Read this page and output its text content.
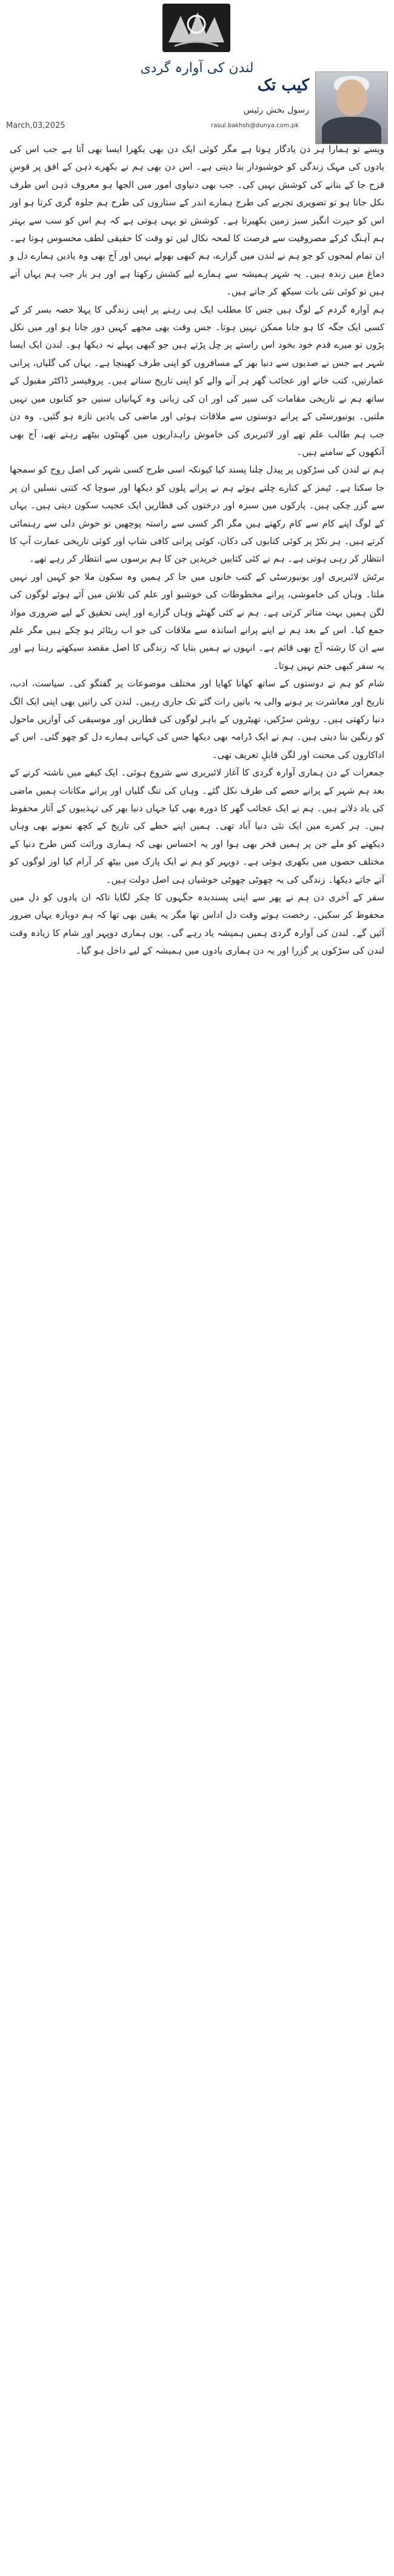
لندن کی آوارہ گردی
کیب تک
رسول بخش رئیس
rasul.bakhsh@dunya.com.pk
March,03,2025

ویسے تو ہمارا ہر دن یادگار ہوتا ہے مگر کوئی ایک دن بھی بکھرا ایسا بھی آتا ہے جب اس کی یادوں کی مہک زندگی کو خوشبودار بنا دیتی ہے۔ اس دن بھی ہم نے بکھرے ذہن کے افق پر قوسِ قزح جا کے بنانے کی کوشش نہیں کی۔ جب بھی دنیاوی امور میں الجھا ہو معروف ذہن اس طرف نکل جاتا ہو تو تصویری تجربے کی طرح ہمارے اندر کے ستاروں کی طرح ہم جلوہ گری کرتا ہو اور اس کو حیرت انگیز سبز زمین بکھیرتا ہے۔ کوشش تو یہی ہوتی ہے کہ ہم اس کو سب سے بہتر ہم آہنگ کرکے مصروفیت سے فرصت کا لمحہ نکال لیں تو وقت کا حقیقی لطف محسوس ہوتا ہے۔ ان تمام لمحوں کو جو ہم نے لندن میں گزارے، ہم کبھی بھولے نہیں اور آج بھی وہ یادیں ہمارے دل و دماغ میں زندہ ہیں۔ یہ شہر ہمیشہ سے ہمارے لیے کشش رکھتا ہے اور ہر بار جب ہم یہاں آتے ہیں تو کوئی نئی بات سیکھ کر جاتے ہیں۔

ہم آوارہ گردم کے لوگ ہیں جس کا مطلب ایک ہی رہنے پر اپنی زندگی کا پہلا حصہ بسر کر کے کسی ایک جگہ کا ہو جانا ممکن نہیں ہوتا۔ جس وقت بھی مجھے کہیں دور جانا ہو اور میں نکل پڑوں تو میرے قدم خود بخود اس راستے پر چل پڑتے ہیں جو کبھی پہلے نہ دیکھا ہو۔ لندن ایک ایسا شہر ہے جس نے صدیوں سے دنیا بھر کے مسافروں کو اپنی طرف کھینچا ہے۔ یہاں کی گلیاں، پرانی عمارتیں، کتب خانے اور عجائب گھر ہر آنے والے کو اپنی تاریخ سناتے ہیں۔ پروفیسر ڈاکٹر مقبول کے ساتھ ہم نے تاریخی مقامات کی سیر کی اور ان کی زبانی وہ کہانیاں سنیں جو کتابوں میں نہیں ملتیں۔ یونیورسٹی کے پرانے دوستوں سے ملاقات ہوئی اور ماضی کی یادیں تازہ ہو گئیں۔ وہ دن جب ہم طالب علم تھے اور لائبریری کی خاموش راہداریوں میں گھنٹوں بیٹھے رہتے تھے، آج بھی آنکھوں کے سامنے ہیں۔

ہم نے لندن کی سڑکوں پر پیدل چلنا پسند کیا کیونکہ اسی طرح کسی شہر کی اصل روح کو سمجھا جا سکتا ہے۔ ٹیمز کے کنارے چلتے ہوئے ہم نے پرانے پلوں کو دیکھا اور سوچا کہ کتنی نسلیں ان پر سے گزر چکی ہیں۔ پارکوں میں سبزہ اور درختوں کی قطاریں ایک عجیب سکون دیتی ہیں۔ یہاں کے لوگ اپنے کام سے کام رکھتے ہیں مگر اگر کسی سے راستہ پوچھیں تو خوش دلی سے رہنمائی کرتے ہیں۔ ہر نکڑ پر کوئی کتابوں کی دکان، کوئی پرانی کافی شاپ اور کوئی تاریخی عمارت آپ کا انتظار کر رہی ہوتی ہے۔ ہم نے کئی کتابیں خریدیں جن کا ہم برسوں سے انتظار کر رہے تھے۔

برٹش لائبریری اور یونیورسٹی کے کتب خانوں میں جا کر ہمیں وہ سکون ملا جو کہیں اور نہیں ملتا۔ وہاں کی خاموشی، پرانے مخطوطات کی خوشبو اور علم کی تلاش میں آئے ہوئے لوگوں کی لگن ہمیں بہت متاثر کرتی ہے۔ ہم نے کئی گھنٹے وہاں گزارے اور اپنی تحقیق کے لیے ضروری مواد جمع کیا۔ اس کے بعد ہم نے اپنے پرانے اساتذہ سے ملاقات کی جو اب ریٹائر ہو چکے ہیں مگر علم سے ان کا رشتہ آج بھی قائم ہے۔ انہوں نے ہمیں بتایا کہ زندگی کا اصل مقصد سیکھتے رہنا ہے اور یہ سفر کبھی ختم نہیں ہوتا۔

شام کو ہم نے دوستوں کے ساتھ کھانا کھایا اور مختلف موضوعات پر گفتگو کی۔ سیاست، ادب، تاریخ اور معاشرت پر ہونے والی یہ باتیں رات گئے تک جاری رہیں۔ لندن کی راتیں بھی اپنی ایک الگ دنیا رکھتی ہیں۔ روشن سڑکیں، تھیٹروں کے باہر لوگوں کی قطاریں اور موسیقی کی آوازیں ماحول کو رنگین بنا دیتی ہیں۔ ہم نے ایک ڈرامہ بھی دیکھا جس کی کہانی ہمارے دل کو چھو گئی۔ اس کے اداکاروں کی محنت اور لگن قابلِ تعریف تھی۔

جمعرات کے دن ہماری آوارہ گردی کا آغاز لائبریری سے شروع ہوئی۔ ایک کیفے میں ناشتہ کرنے کے بعد ہم شہر کے پرانے حصے کی طرف نکل گئے۔ وہاں کی تنگ گلیاں اور پرانے مکانات ہمیں ماضی کی یاد دلاتے ہیں۔ ہم نے ایک عجائب گھر کا دورہ بھی کیا جہاں دنیا بھر کی تہذیبوں کے آثار محفوظ ہیں۔ ہر کمرے میں ایک نئی دنیا آباد تھی۔ ہمیں اپنے خطے کی تاریخ کے کچھ نمونے بھی وہاں دیکھنے کو ملے جن پر ہمیں فخر بھی ہوا اور یہ احساس بھی کہ ہماری وراثت کس طرح دنیا کے مختلف حصوں میں بکھری ہوئی ہے۔ دوپہر کو ہم نے ایک پارک میں بیٹھ کر آرام کیا اور لوگوں کو آتے جاتے دیکھا۔ زندگی کی یہ چھوٹی چھوٹی خوشیاں ہی اصل دولت ہیں۔

سفر کے آخری دن ہم نے پھر سے اپنی پسندیدہ جگہوں کا چکر لگایا تاکہ ان یادوں کو دل میں محفوظ کر سکیں۔ رخصت ہوتے وقت دل اداس تھا مگر یہ یقین بھی تھا کہ ہم دوبارہ یہاں ضرور آئیں گے۔ لندن کی آوارہ گردی ہمیں ہمیشہ یاد رہے گی۔ یوں ہماری دوپہر اور شام کا زیادہ وقت لندن کی سڑکوں پر گزرا اور یہ دن ہماری یادوں میں ہمیشہ کے لیے داخل ہو گیا۔
